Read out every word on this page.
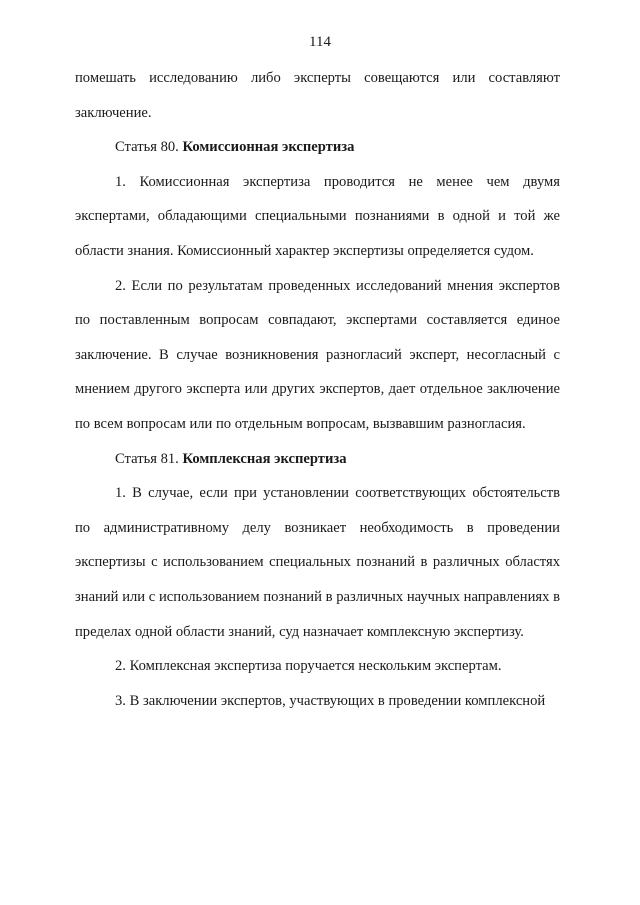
114

помешать исследованию либо эксперты совещаются или составляют заключение.

Статья 80. Комиссионная экспертиза

1. Комиссионная экспертиза проводится не менее чем двумя экспертами, обладающими специальными познаниями в одной и той же области знания. Комиссионный характер экспертизы определяется судом.

2. Если по результатам проведенных исследований мнения экспертов по поставленным вопросам совпадают, экспертами составляется единое заключение. В случае возникновения разногласий эксперт, несогласный с мнением другого эксперта или других экспертов, дает отдельное заключение по всем вопросам или по отдельным вопросам, вызвавшим разногласия.

Статья 81. Комплексная экспертиза

1. В случае, если при установлении соответствующих обстоятельств по административному делу возникает необходимость в проведении экспертизы с использованием специальных познаний в различных областях знаний или с использованием познаний в различных научных направлениях в пределах одной области знаний, суд назначает комплексную экспертизу.

2. Комплексная экспертиза поручается нескольким экспертам.

3. В заключении экспертов, участвующих в проведении комплексной
